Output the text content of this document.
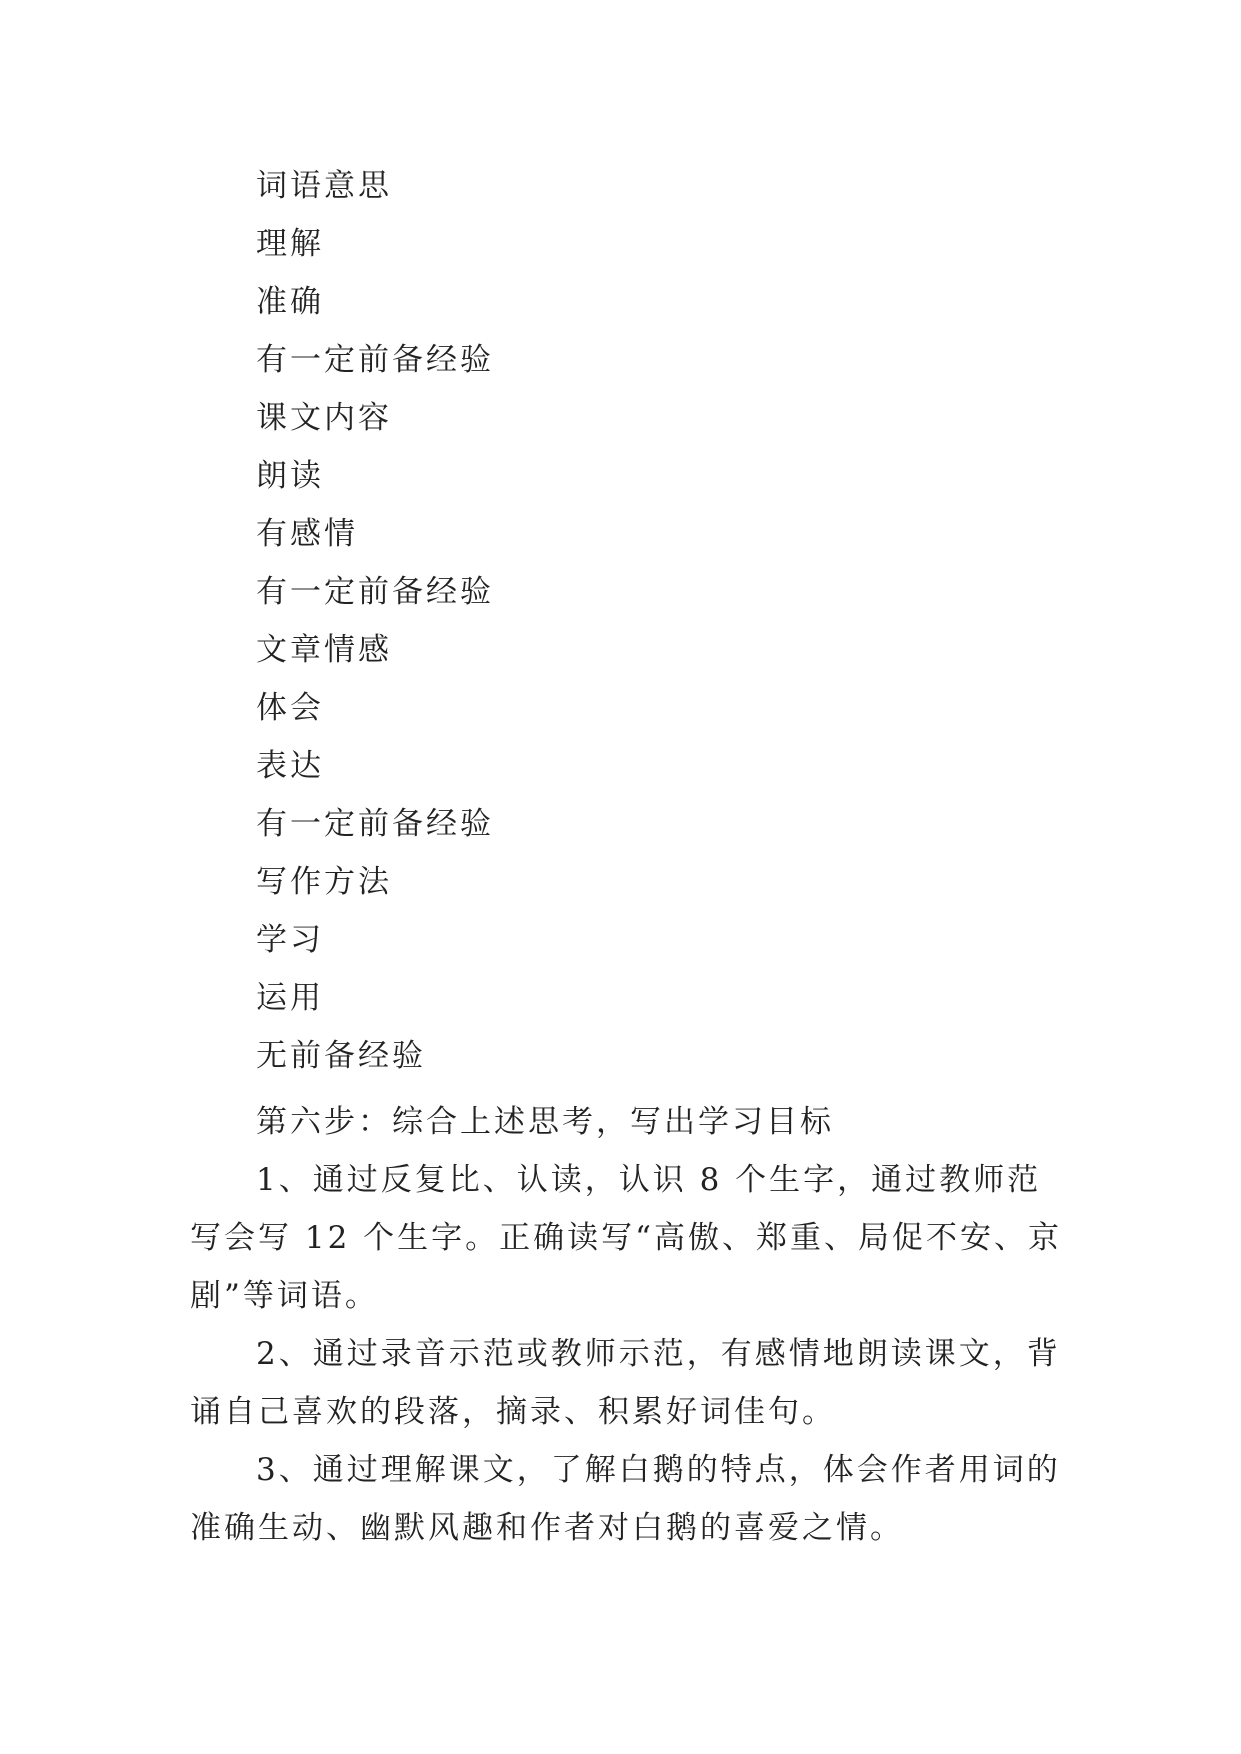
词语意思
理解
准确
有一定前备经验
课文内容
朗读
有感情
有一定前备经验
文章情感
体会
表达
有一定前备经验
写作方法
学习
运用
无前备经验

第六步：综合上述思考，写出学习目标

1、通过反复比、认读，认识 8 个生字，通过教师范写会写 12 个生字。正确读写“高傲、郑重、局促不安、京剧”等词语。

2、通过录音示范或教师示范，有感情地朗读课文，背诵自己喜欢的段落，摘录、积累好词佳句。

3、通过理解课文，了解白鹅的特点，体会作者用词的准确生动、幽默风趣和作者对白鹅的喜爱之情。
